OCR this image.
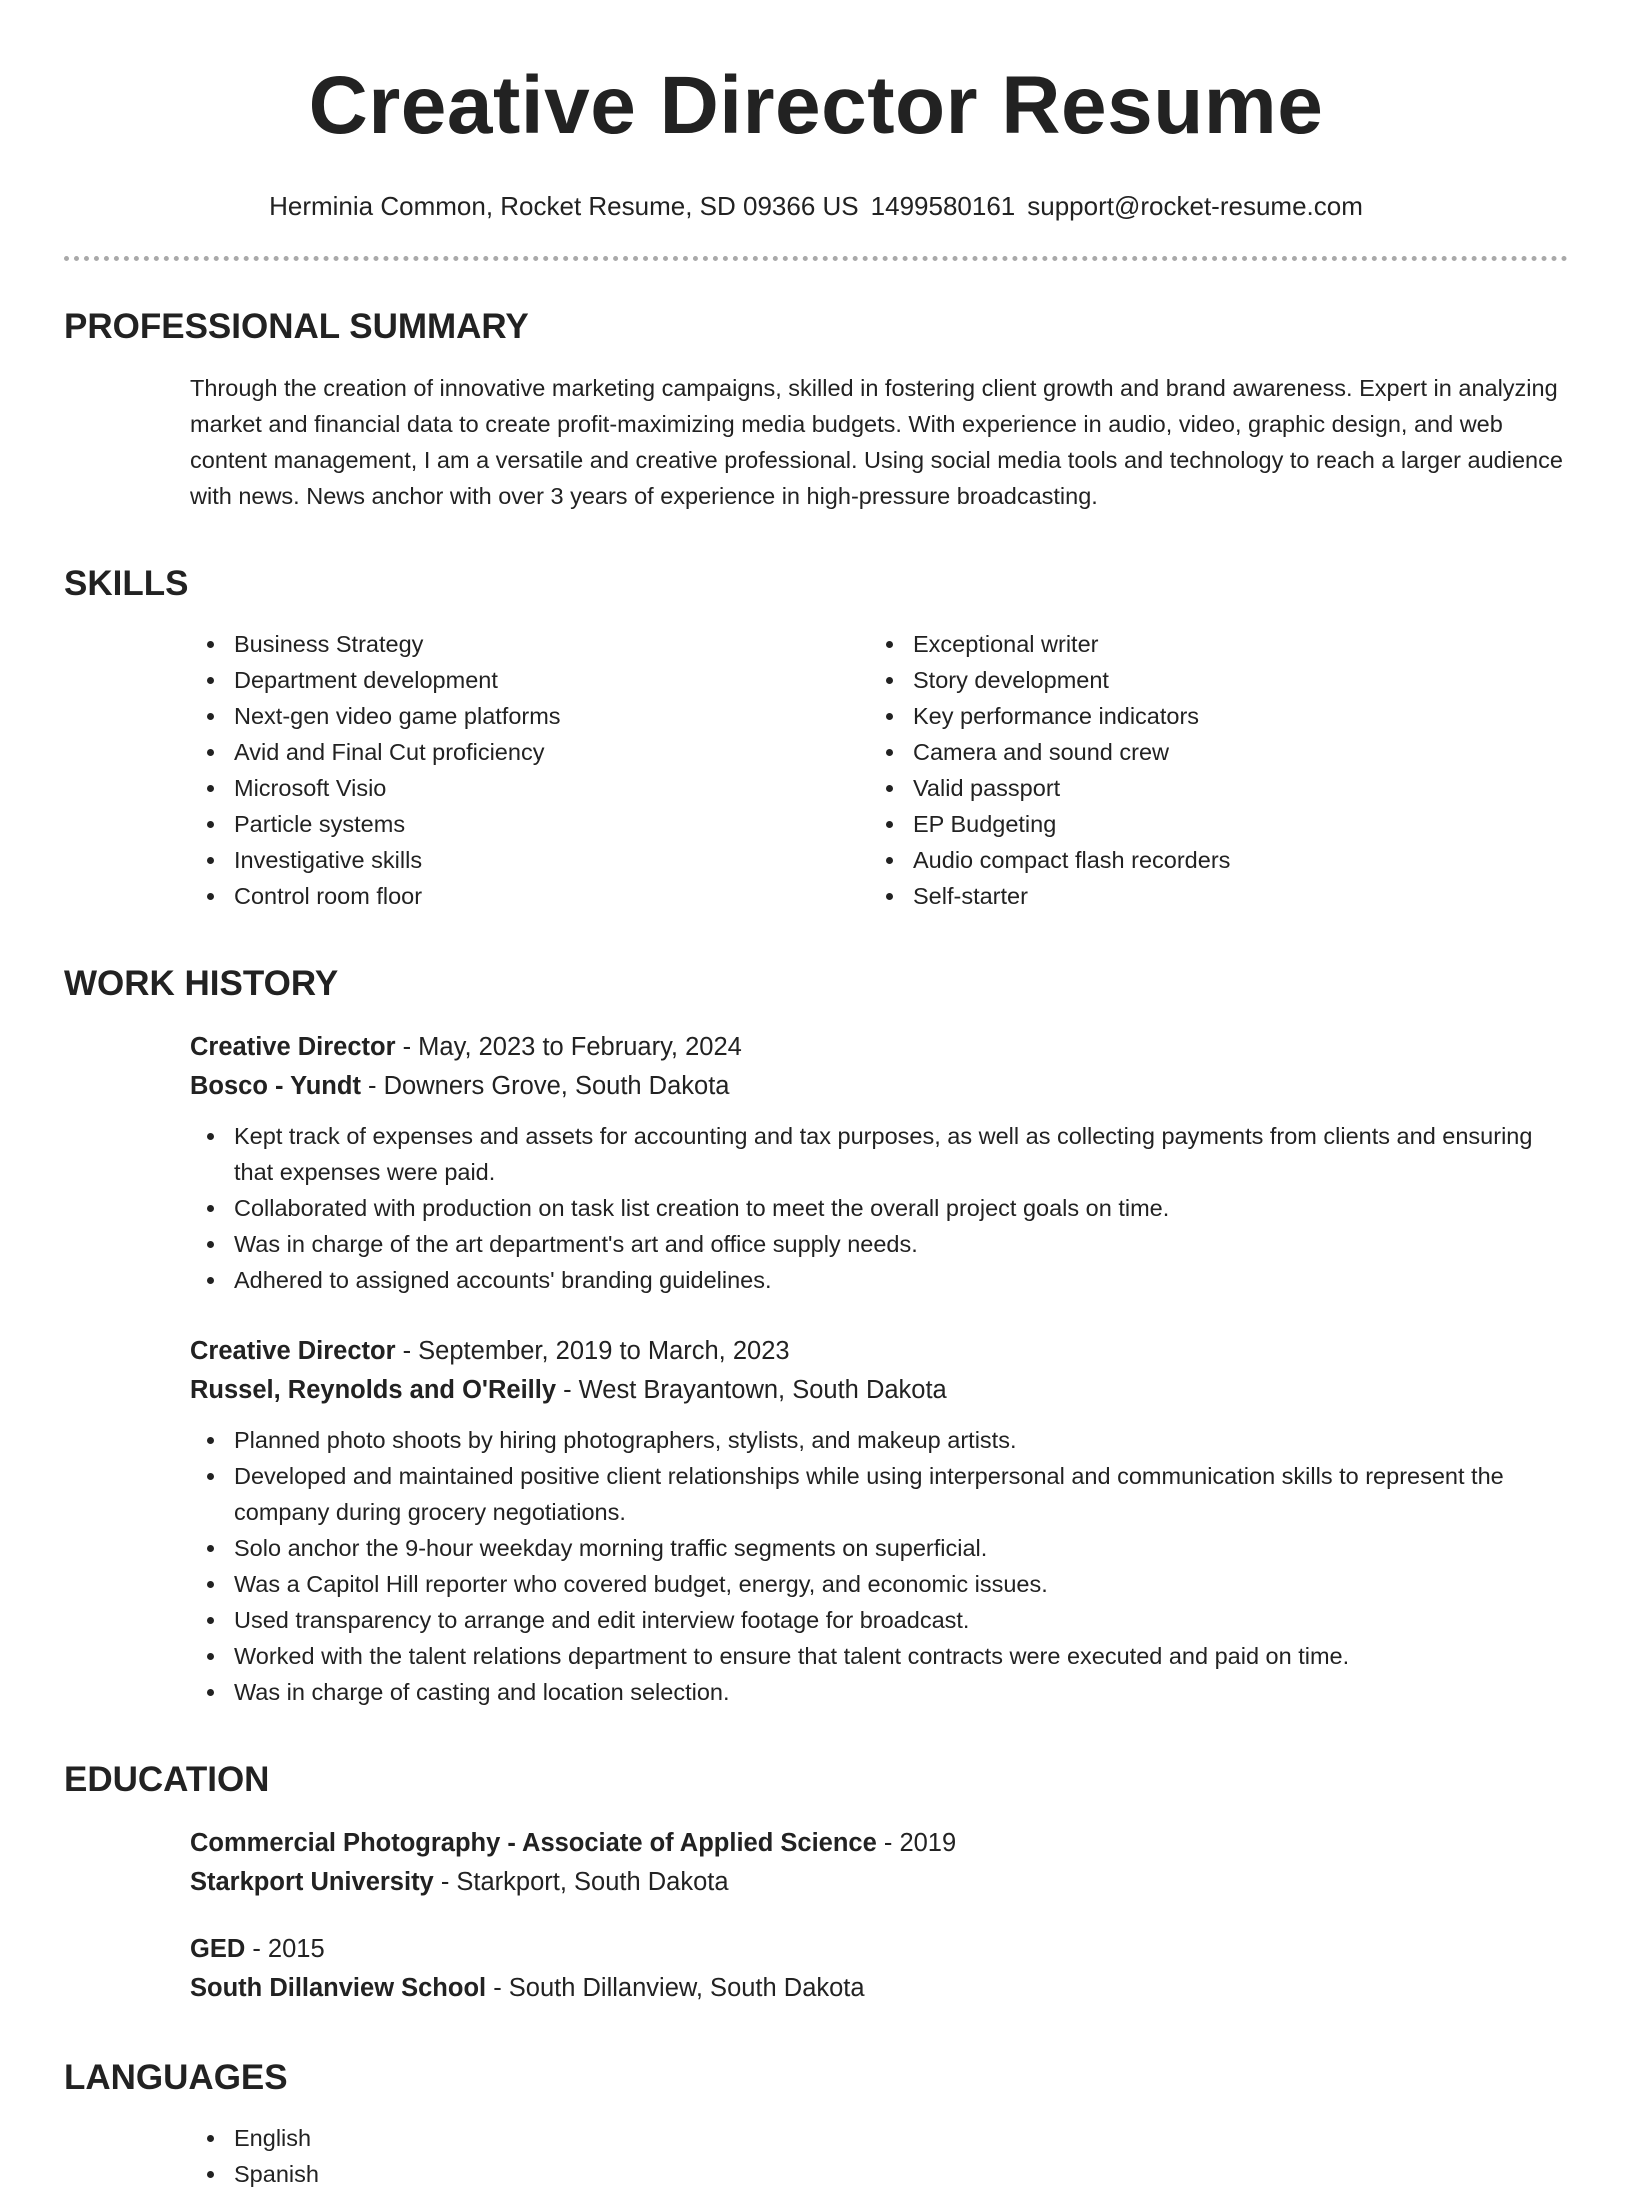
Creative Director Resume
Herminia Common, Rocket Resume, SD 09366 US 1499580161 support@rocket-resume.com
PROFESSIONAL SUMMARY

Through the creation of innovative marketing campaigns, skilled in fostering client growth and brand awareness. Expert in analyzing market and financial data to create profit-maximizing media budgets. With experience in audio, video, graphic design, and web content management, I am a versatile and creative professional. Using social media tools and technology to reach a larger audience with news. News anchor with over 3 years of experience in high-pressure broadcasting.

SKILLS
Business Strategy
Department development
Next-gen video game platforms
Avid and Final Cut proficiency
Microsoft Visio
Particle systems
Investigative skills
Control room floor
Exceptional writer
Story development
Key performance indicators
Camera and sound crew
Valid passport
EP Budgeting
Audio compact flash recorders
Self-starter
WORK HISTORY
Creative Director - May, 2023 to February, 2024
Bosco - Yundt - Downers Grove, South Dakota
Kept track of expenses and assets for accounting and tax purposes, as well as collecting payments from clients and ensuring that expenses were paid.
Collaborated with production on task list creation to meet the overall project goals on time.
Was in charge of the art department's art and office supply needs.
Adhered to assigned accounts' branding guidelines.
Creative Director - September, 2019 to March, 2023
Russel, Reynolds and O'Reilly - West Brayantown, South Dakota
Planned photo shoots by hiring photographers, stylists, and makeup artists.
Developed and maintained positive client relationships while using interpersonal and communication skills to represent the company during grocery negotiations.
Solo anchor the 9-hour weekday morning traffic segments on superficial.
Was a Capitol Hill reporter who covered budget, energy, and economic issues.
Used transparency to arrange and edit interview footage for broadcast.
Worked with the talent relations department to ensure that talent contracts were executed and paid on time.
Was in charge of casting and location selection.
EDUCATION
Commercial Photography - Associate of Applied Science - 2019
Starkport University - Starkport, South Dakota
GED - 2015
South Dillanview School - South Dillanview, South Dakota
LANGUAGES
English
Spanish
